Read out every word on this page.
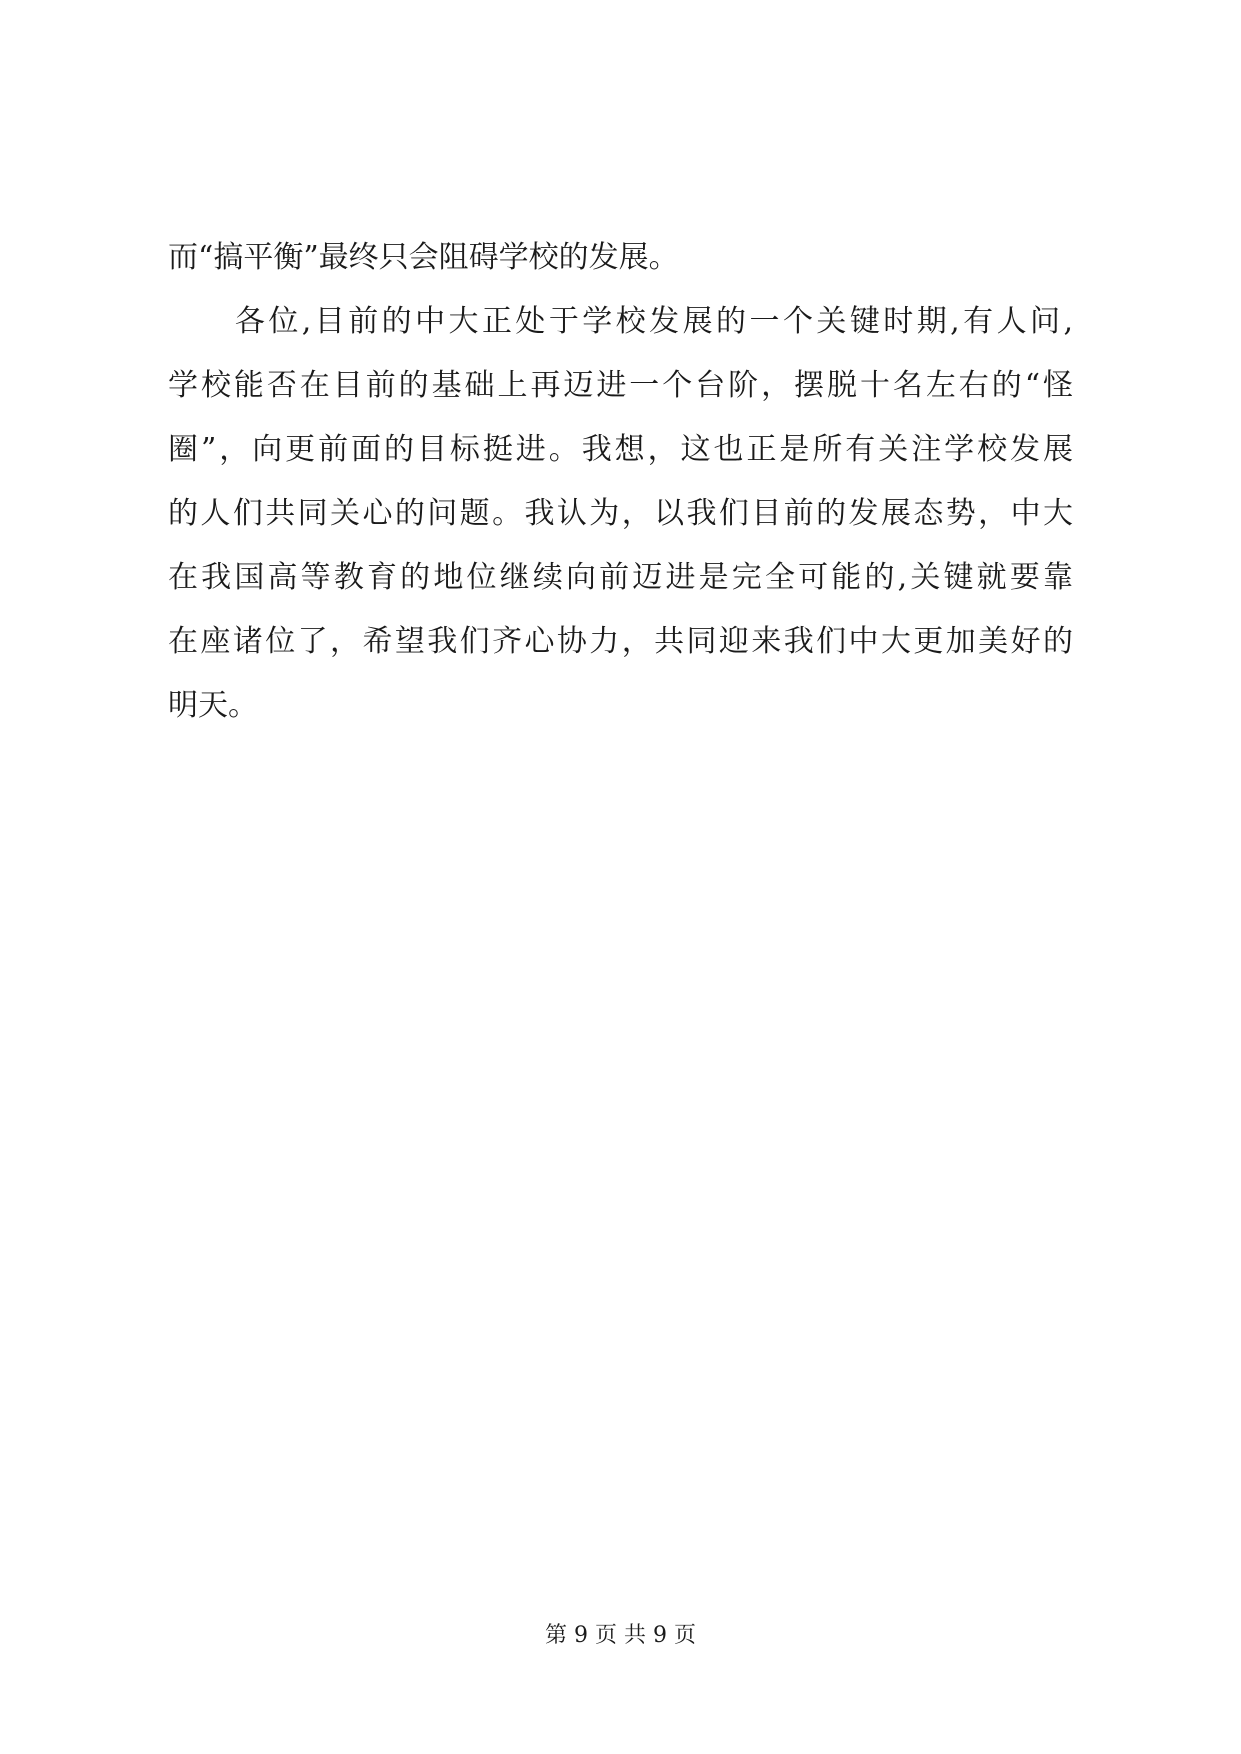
而“搞平衡”最终只会阻碍学校的发展。
　　各位,目前的中大正处于学校发展的一个关键时期,有人问,
学校能否在目前的基础上再迈进一个台阶，摆脱十名左右的“怪
圈”，向更前面的目标挺进。我想，这也正是所有关注学校发展
的人们共同关心的问题。我认为，以我们目前的发展态势，中大
在我国高等教育的地位继续向前迈进是完全可能的,关键就要靠
在座诸位了，希望我们齐心协力，共同迎来我们中大更加美好的
明天。
第 9 页 共 9 页
